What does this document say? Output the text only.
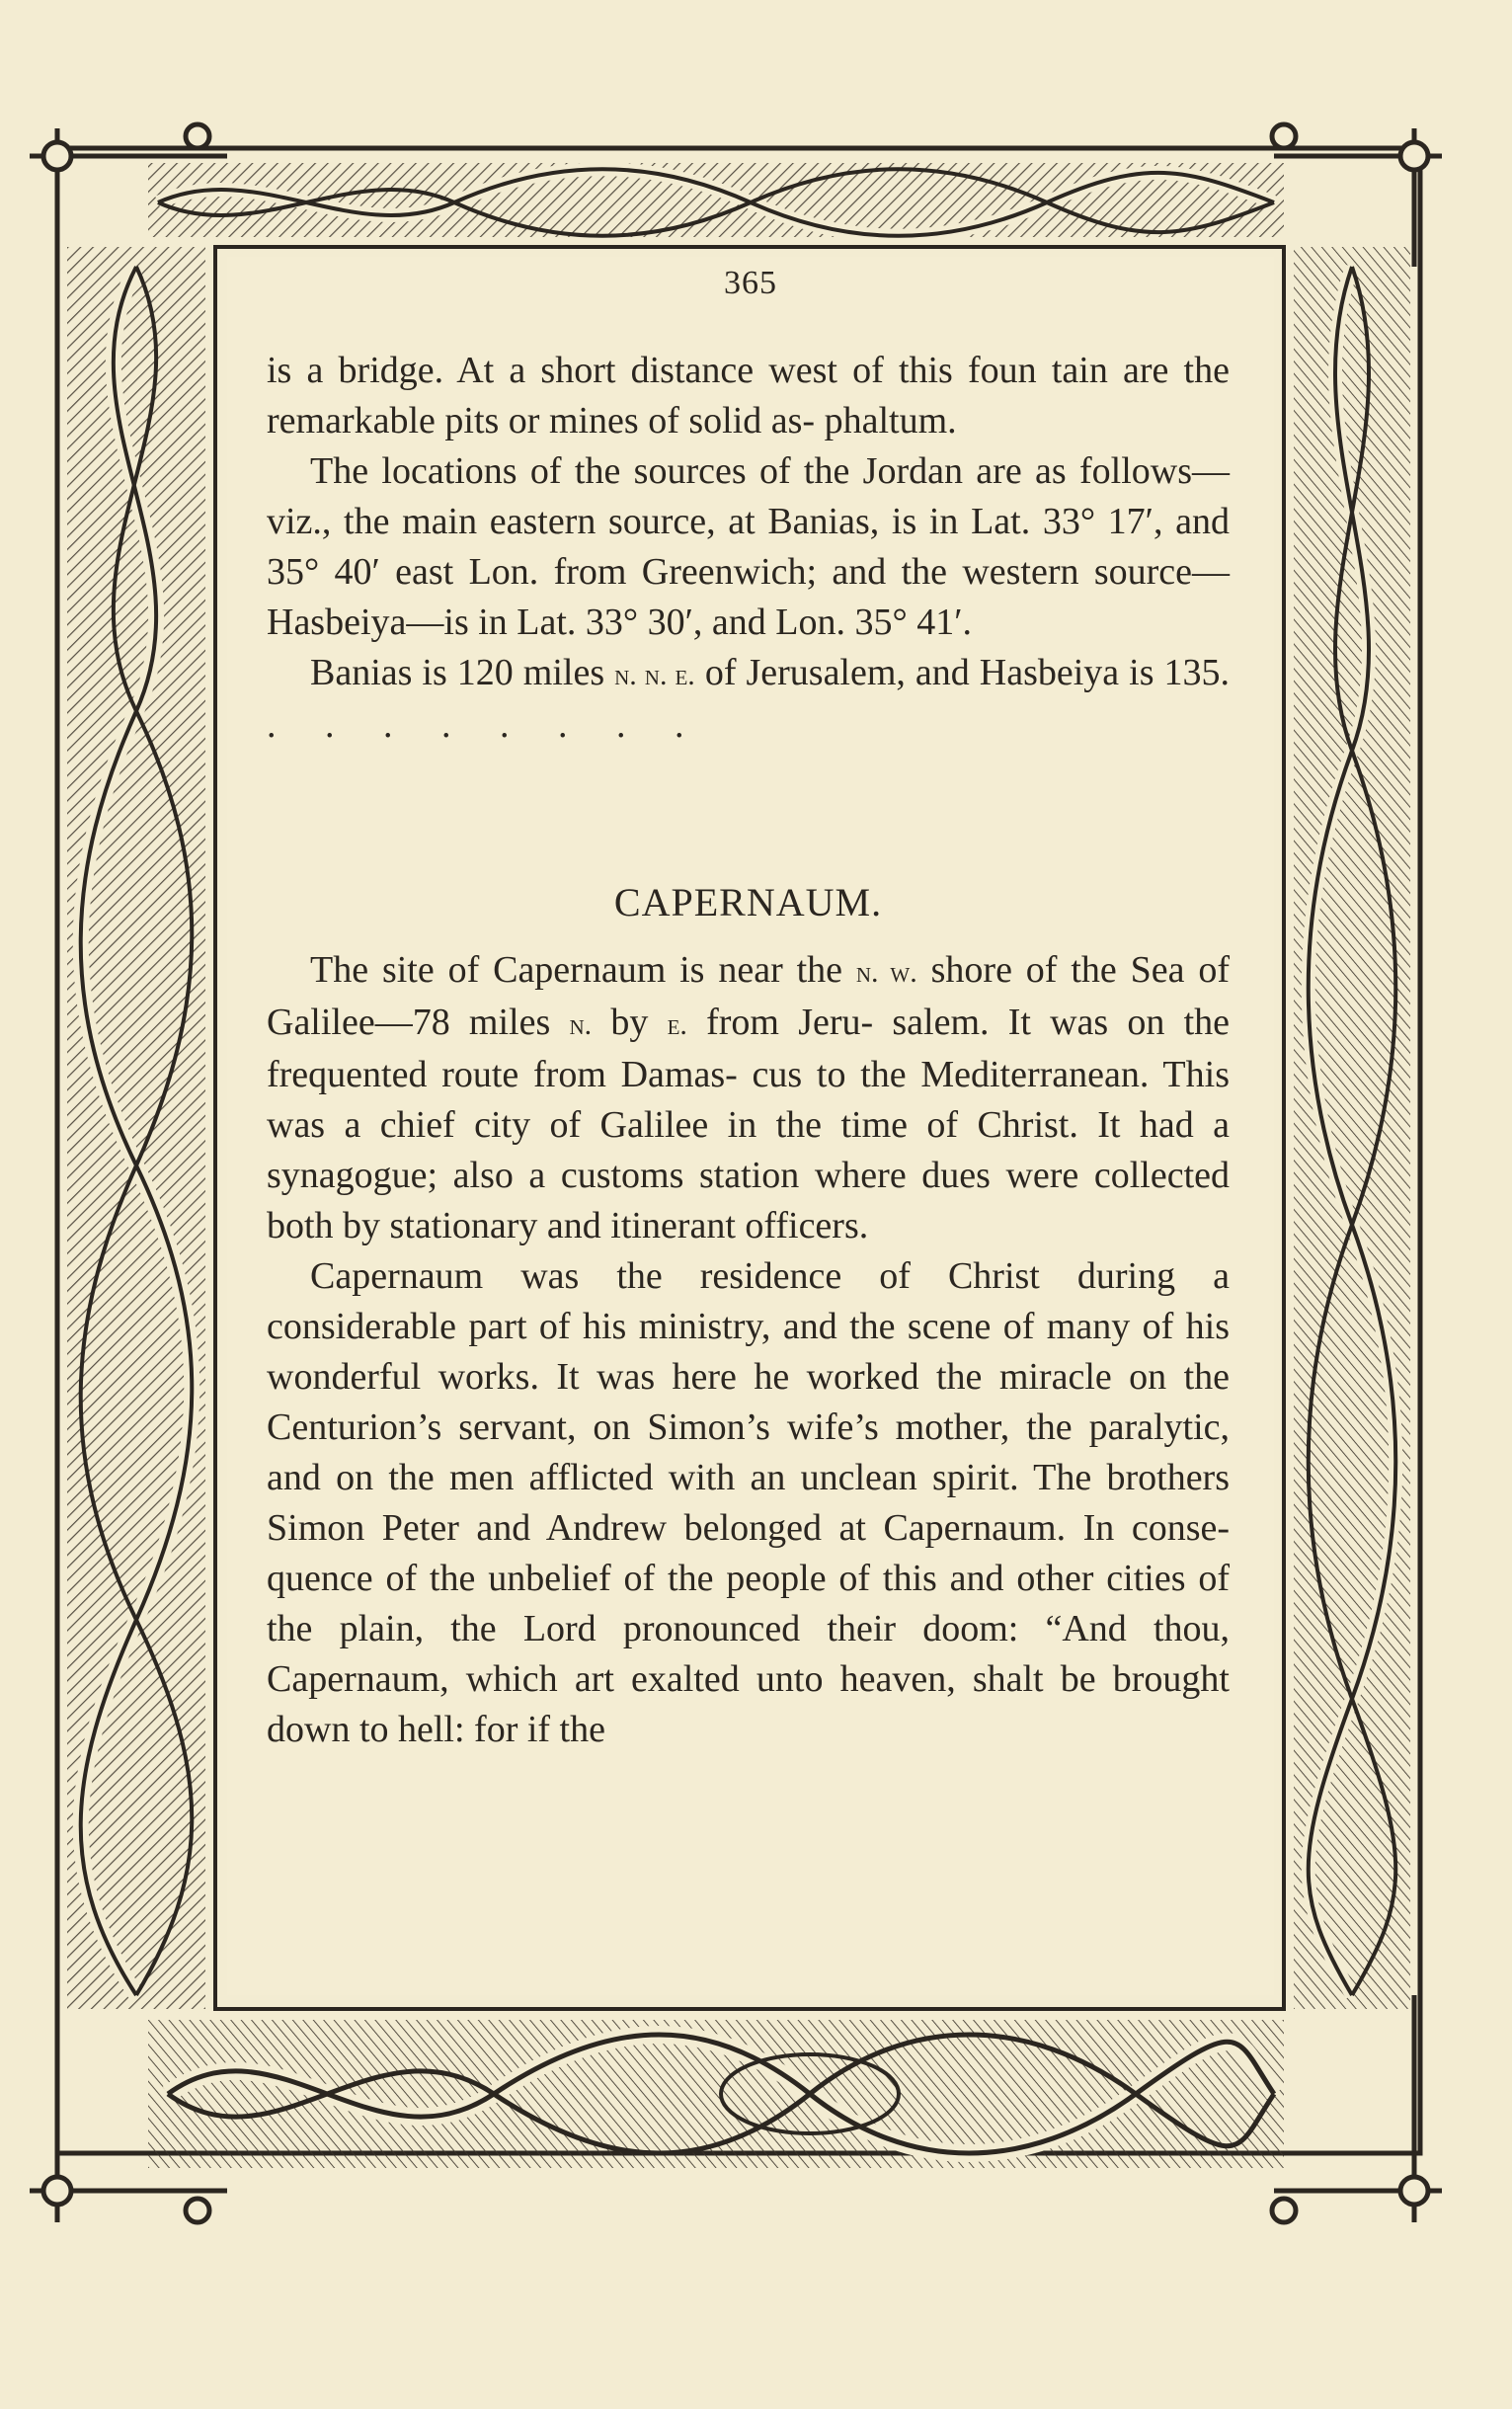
365

is a bridge. At a short distance west of this foun tain are the remarkable pits or mines of solid as- phaltum.

The locations of the sources of the Jordan are as follows—viz., the main eastern source, at Banias, is in Lat. 33° 17′, and 35° 40′ east Lon. from Greenwich; and the western source—Hasbeiya—is in Lat. 33° 30′, and Lon. 35° 41′.

Banias is 120 miles n. n. e. of Jerusalem, and Hasbeiya is 135. . . . . . . . .

CAPERNAUM.

The site of Capernaum is near the n. w. shore of the Sea of Galilee—78 miles n. by e. from Jeru- salem. It was on the frequented route from Damas- cus to the Mediterranean. This was a chief city of Galilee in the time of Christ. It had a synagogue; also a customs station where dues were collected both by stationary and itinerant officers.

Capernaum was the residence of Christ during a considerable part of his ministry, and the scene of many of his wonderful works. It was here he worked the miracle on the Centurion’s servant, on Simon’s wife’s mother, the paralytic, and on the men afflicted with an unclean spirit. The brothers Simon Peter and Andrew belonged at Capernaum. In conse- quence of the unbelief of the people of this and other cities of the plain, the Lord pronounced their doom: “And thou, Capernaum, which art exalted unto heaven, shalt be brought down to hell: for if the
